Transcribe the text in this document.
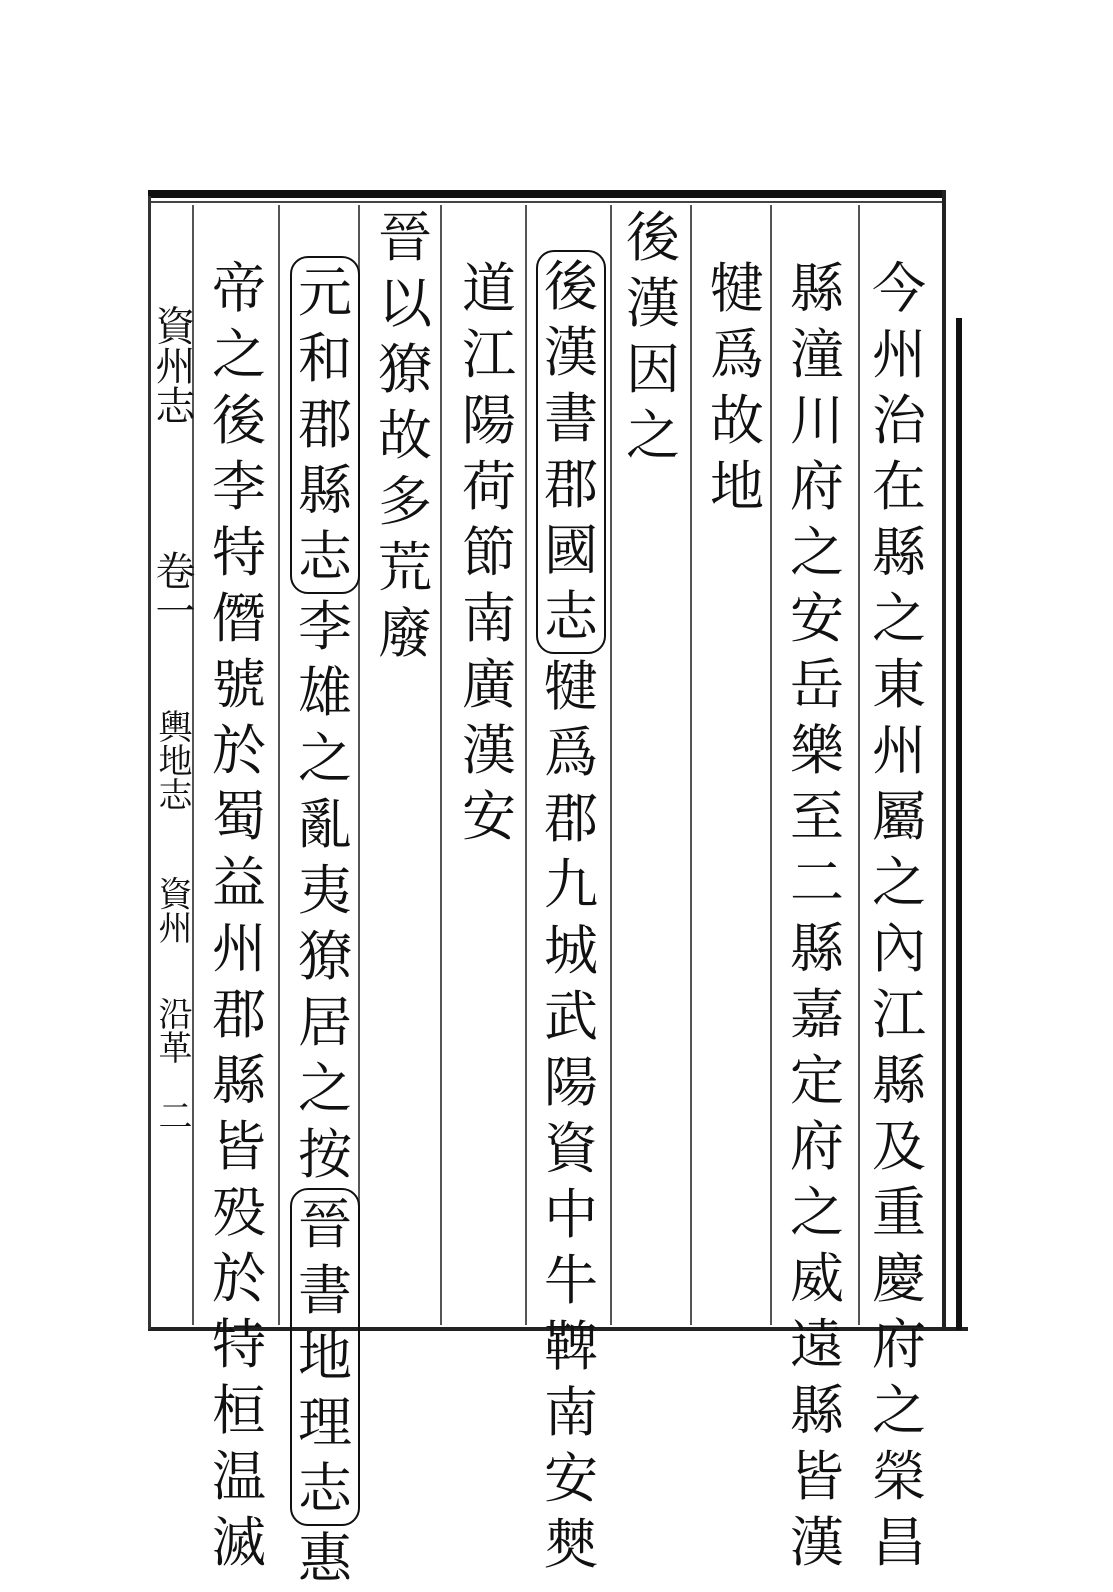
今
州
治
在
縣
之
東
州
屬
之
內
江
縣
及
重
慶
府
之
榮
昌
縣
潼
川
府
之
安
岳
樂
至
二
縣
嘉
定
府
之
威
遠
縣
皆
漢
犍
爲
故
地
後
漢
因
之
後
漢
書
郡
國
志
犍
爲
郡
九
城
武
陽
資
中
牛
鞞
南
安
僰
道
江
陽
荷
節
南
廣
漢
安
晉
以
獠
故
多
荒
廢
元
和
郡
縣
志
李
雄
之
亂
夷
獠
居
之
按
晉
書
地
理
志
惠
帝
之
後
李
特
僭
號
於
蜀
益
州
郡
縣
皆
殁
於
特
桓
温
滅
資州志
卷一
輿地志
資州
沿革
二
